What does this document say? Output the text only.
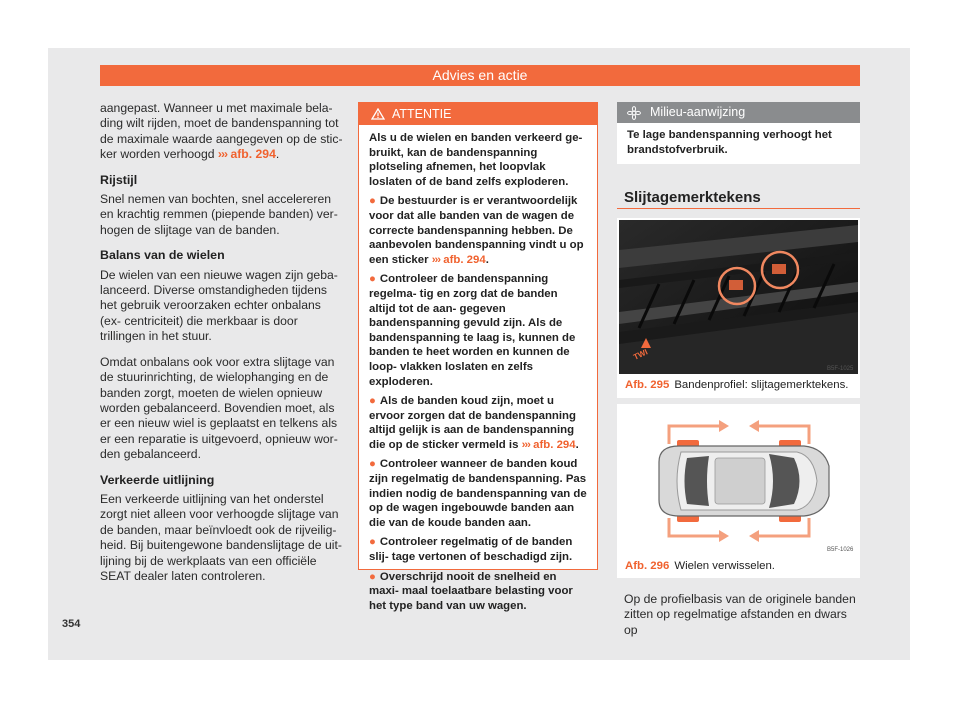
Advies en actie

aangepast. Wanneer u met maximale bela- ding wilt rijden, moet de bandenspanning tot de maximale waarde aangegeven op de stic- ker worden verhoogd ››› afb. 294.

Rijstijl

Snel nemen van bochten, snel accelereren en krachtig remmen (piepende banden) ver- hogen de slijtage van de banden.

Balans van de wielen

De wielen van een nieuwe wagen zijn geba- lanceerd. Diverse omstandigheden tijdens het gebruik veroorzaken echter onbalans (ex- centriciteit) die merkbaar is door trillingen in het stuur.

Omdat onbalans ook voor extra slijtage van de stuurinrichting, de wielophanging en de banden zorgt, moeten de wielen opnieuw worden gebalanceerd. Bovendien moet, als er een nieuw wiel is geplaatst en telkens als er een reparatie is uitgevoerd, opnieuw wor- den gebalanceerd.

Verkeerde uitlijning

Een verkeerde uitlijning van het onderstel zorgt niet alleen voor verhoogde slijtage van de banden, maar beïnvloedt ook de rijveilig- heid. Bij buitengewone bandenslijtage de uit- lijning bij de werkplaats van een officiële SEAT dealer laten controleren.

354
ATTENTIE

Als u de wielen en banden verkeerd ge- bruikt, kan de bandenspanning plotseling afnemen, het loopvlak loslaten of de band zelfs exploderen.

● De bestuurder is er verantwoordelijk voor dat alle banden van de wagen de correcte bandenspanning hebben. De aanbevolen bandenspanning vindt u op een sticker ››› afb. 294.

● Controleer de bandenspanning regelma- tig en zorg dat de banden altijd tot de aan- gegeven bandenspanning gevuld zijn. Als de bandenspanning te laag is, kunnen de banden te heet worden en kunnen de loop- vlakken loslaten en zelfs exploderen.

● Als de banden koud zijn, moet u ervoor zorgen dat de bandenspanning altijd gelijk is aan de bandenspanning die op de sticker vermeld is ››› afb. 294.

● Controleer wanneer de banden koud zijn regelmatig de bandenspanning. Pas indien nodig de bandenspanning van de op de wagen ingebouwde banden aan die van de koude banden aan.

● Controleer regelmatig of de banden slij- tage vertonen of beschadigd zijn.

● Overschrijd nooit de snelheid en maxi- maal toelaatbare belasting voor het type band van uw wagen.

Milieu-aanwijzing
Te lage bandenspanning verhoogt het brandstofverbruik.
Slijtagemerktekens
TWI
B5F-1025
Afb. 295 Bandenprofiel: slijtagemerktekens.
B5F-1026
Afb. 296 Wielen verwisselen.
Op de profielbasis van de originele banden zitten op regelmatige afstanden en dwars op
